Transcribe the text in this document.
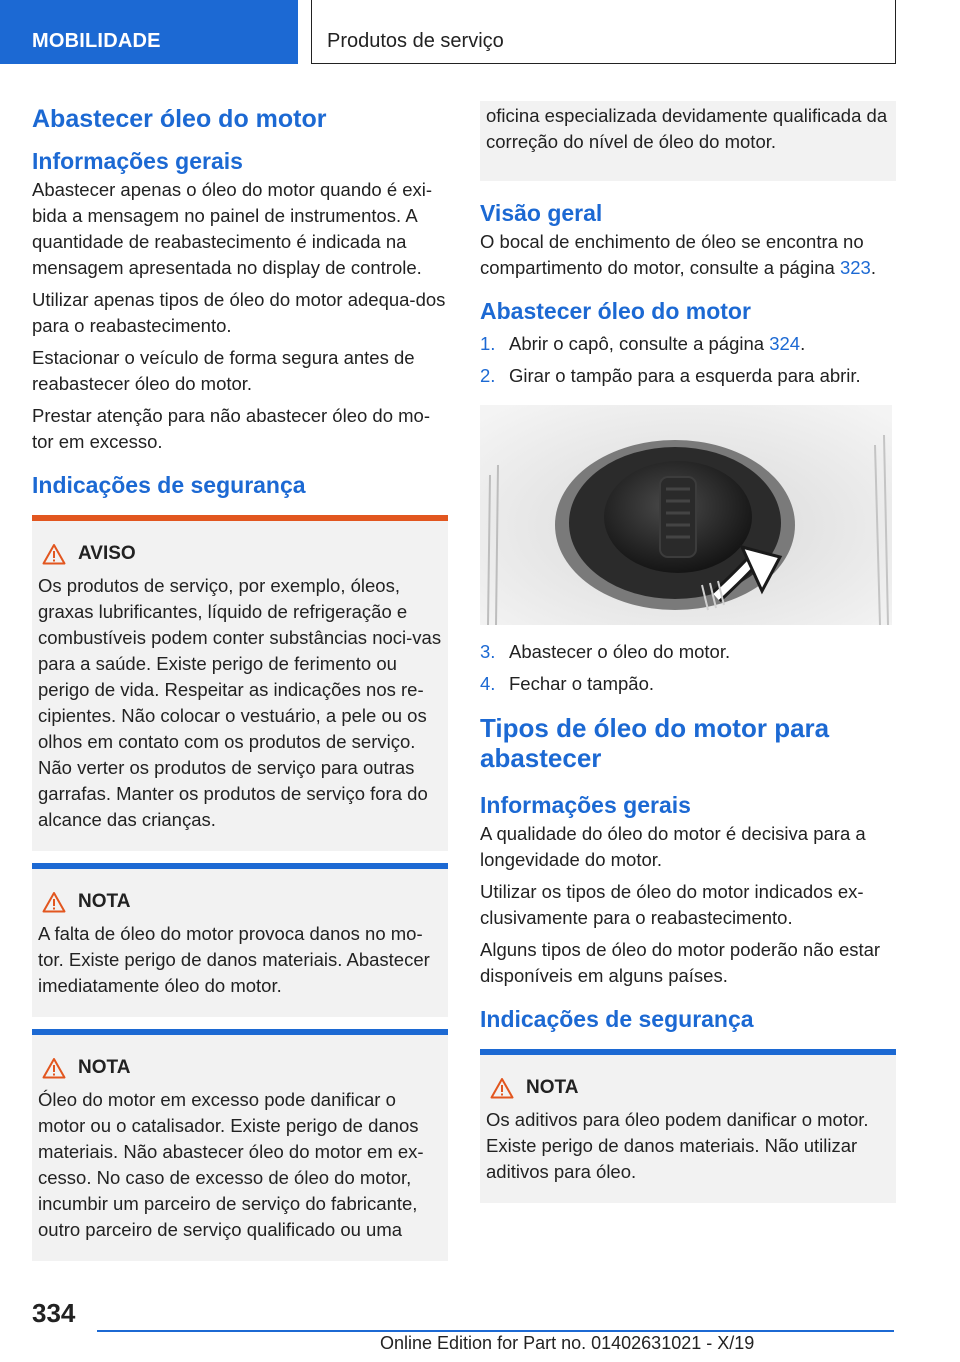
MOBILIDADE	Produtos de serviço
Abastecer óleo do motor
Informações gerais

Abastecer apenas o óleo do motor quando é exi-bida a mensagem no painel de instrumentos. A quantidade de reabastecimento é indicada na mensagem apresentada no display de controle.

Utilizar apenas tipos de óleo do motor adequa-dos para o reabastecimento.

Estacionar o veículo de forma segura antes de reabastecer óleo do motor.

Prestar atenção para não abastecer óleo do mo-tor em excesso.

Indicações de segurança
AVISO

Os produtos de serviço, por exemplo, óleos, graxas lubrificantes, líquido de refrigeração e combustíveis podem conter substâncias noci-vas para a saúde. Existe perigo de ferimento ou perigo de vida. Respeitar as indicações nos re-cipientes. Não colocar o vestuário, a pele ou os olhos em contato com os produtos de serviço. Não verter os produtos de serviço para outras garrafas. Manter os produtos de serviço fora do alcance das crianças.

NOTA

A falta de óleo do motor provoca danos no mo-tor. Existe perigo de danos materiais. Abastecer imediatamente óleo do motor.

NOTA

Óleo do motor em excesso pode danificar o motor ou o catalisador. Existe perigo de danos materiais. Não abastecer óleo do motor em ex-cesso. No caso de excesso de óleo do motor, incumbir um parceiro de serviço do fabricante, outro parceiro de serviço qualificado ou uma

oficina especializada devidamente qualificada da correção do nível de óleo do motor.

Visão geral

O bocal de enchimento de óleo se encontra no compartimento do motor, consulte a página 323.

Abastecer óleo do motor
1. Abrir o capô, consulte a página 324.
2. Girar o tampão para a esquerda para abrir.
3. Abastecer o óleo do motor.
4. Fechar o tampão.
Tipos de óleo do motor para abastecer
Informações gerais

A qualidade do óleo do motor é decisiva para a longevidade do motor.

Utilizar os tipos de óleo do motor indicados ex-clusivamente para o reabastecimento.

Alguns tipos de óleo do motor poderão não estar disponíveis em alguns países.

Indicações de segurança
NOTA

Os aditivos para óleo podem danificar o motor. Existe perigo de danos materiais. Não utilizar aditivos para óleo.

334
Online Edition for Part no. 01402631021 - X/19
